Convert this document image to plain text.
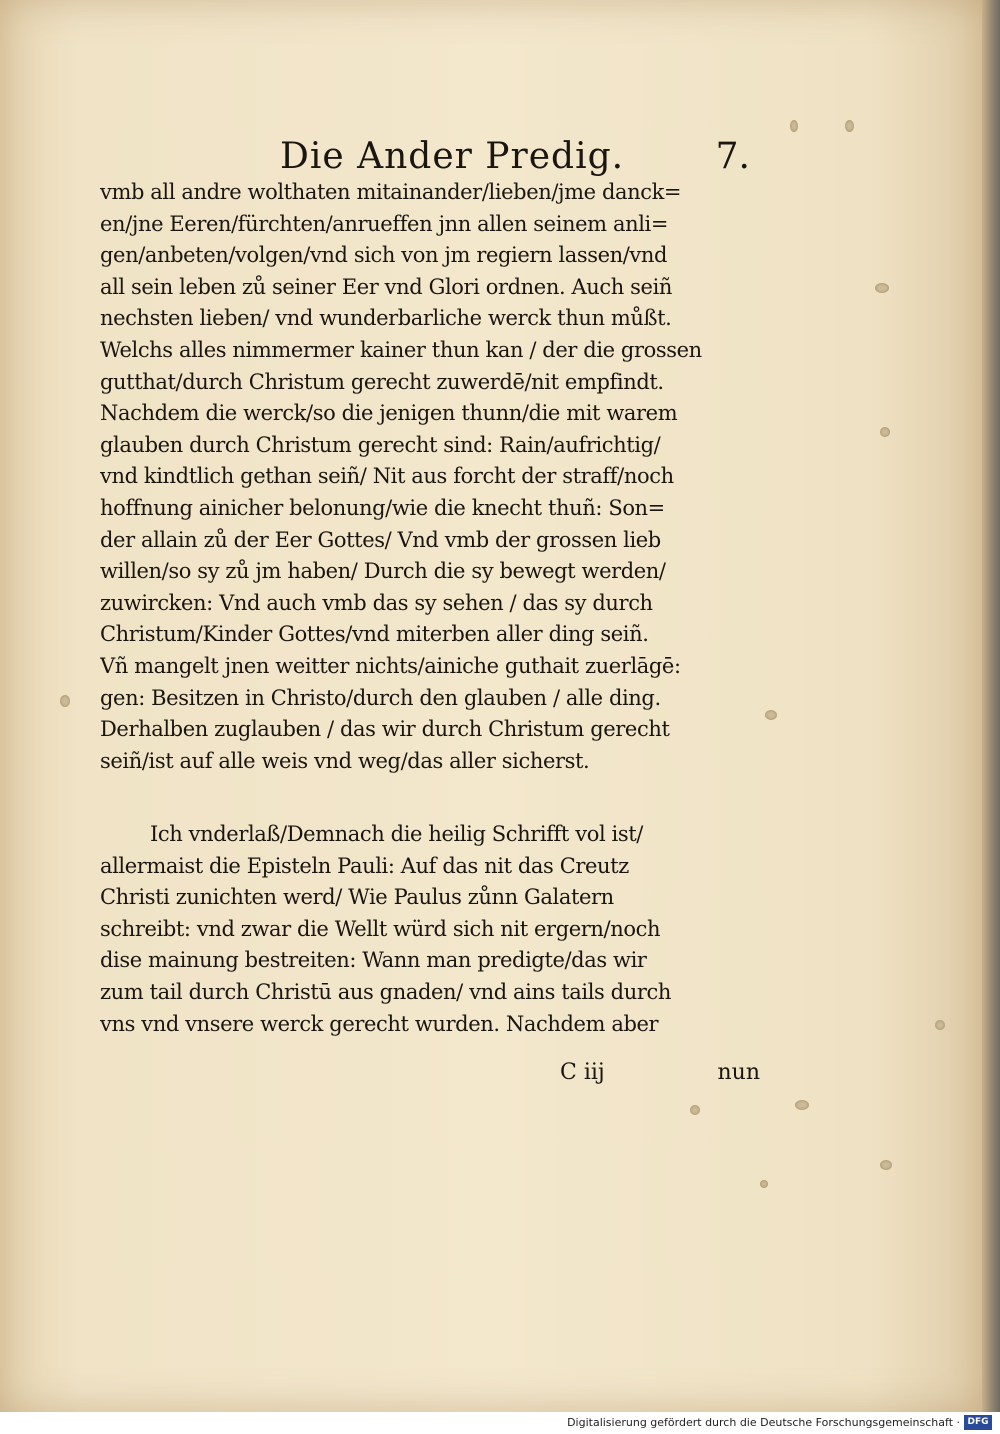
Die Ander Predig.	7.
vmb all andre wolthaten mitainander/lieben/jme danck=
en/jne Eeren/fürchten/anrueffen jnn allen seinem anli=
gen/anbeten/volgen/vnd sich von jm regiern lassen/vnd
all sein leben zů seiner Eer vnd Glori ordnen. Auch seiñ
nechsten lieben/ vnd wunderbarliche werck thun můßt.
Welchs alles nimmermer kainer thun kan / der die grossen
gutthat/durch Christum gerecht zuwerdē/nit empfindt.
Nachdem die werck/so die jenigen thunn/die mit warem
glauben durch Christum gerecht sind: Rain/aufrichtig/
vnd kindtlich gethan seiñ/ Nit aus forcht der straff/noch
hoffnung ainicher belonung/wie die knecht thuñ: Son=
der allain zů der Eer Gottes/ Vnd vmb der grossen lieb
willen/so sy zů jm haben/ Durch die sy bewegt werden/
zuwircken: Vnd auch vmb das sy sehen / das sy durch
Christum/Kinder Gottes/vnd miterben aller ding seiñ.
Vñ mangelt jnen weitter nichts/ainiche guthait zuerlāgē:
gen: Besitzen in Christo/durch den glauben / alle ding.
Derhalben zuglauben / das wir durch Christum gerecht
seiñ/ist auf alle weis vnd weg/das aller sicherst.
Ich vnderlaß/Demnach die heilig Schrifft vol ist/
allermaist die Episteln Pauli: Auf das nit das Creutz
Christi zunichten werd/ Wie Paulus zůnn Galatern
schreibt: vnd zwar die Wellt würd sich nit ergern/noch
dise mainung bestreiten: Wann man predigte/das wir
zum tail durch Christū aus gnaden/ vnd ains tails durch
vns vnd vnsere werck gerecht wurden. Nachdem aber
C iij	nun
Digitalisierung gefördert durch die Deutsche Forschungsgemeinschaft · DFG
